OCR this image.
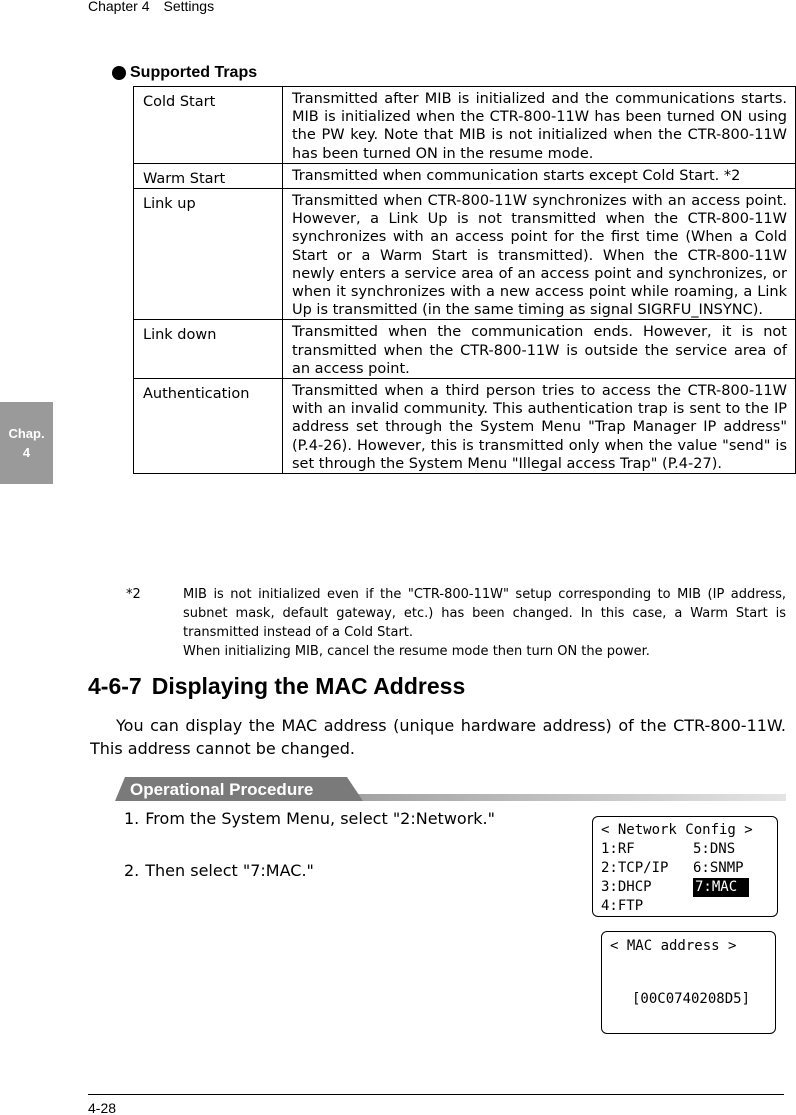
Chapter 4 Settings
Chap.
4
Supported Traps
Cold Start	Transmitted after MIB is initialized and the communications starts. MIB is initialized when the CTR-800-11W has been turned ON using the PW key. Note that MIB is not initialized when the CTR-800-11W has been turned ON in the resume mode.
Warm Start	Transmitted when communication starts except Cold Start. *2
Link up	Transmitted when CTR-800-11W synchronizes with an access point. However, a Link Up is not transmitted when the CTR-800-11W synchronizes with an access point for the first time (When a Cold Start or a Warm Start is transmitted). When the CTR-800-11W newly enters a service area of an access point and synchronizes, or when it synchronizes with a new access point while roaming, a Link Up is transmitted (in the same timing as signal SIGRFU_INSYNC).
Link down	Transmitted when the communication ends. However, it is not transmitted when the CTR-800-11W is outside the service area of an access point.
Authentication	Transmitted when a third person tries to access the CTR-800-11W with an invalid community. This authentication trap is sent to the IP address set through the System Menu "Trap Manager IP address" (P.4-26). However, this is transmitted only when the value "send" is set through the System Menu "Illegal access Trap" (P.4-27).
*2	MIB is not initialized even if the "CTR-800-11W" setup corresponding to MIB (IP address, subnet mask, default gateway, etc.) has been changed. In this case, a Warm Start is transmitted instead of a Cold Start.
When initializing MIB, cancel the resume mode then turn ON the power.
4-6-7 Displaying the MAC Address

You can display the MAC address (unique hardware address) of the CTR-800-11W. This address cannot be changed.

Operational Procedure
1. From the System Menu, select "2:Network."
2. Then select "7:MAC."
< Network Config >
1:RF	5:DNS
2:TCP/IP	6:SNMP
3:DHCP	7:MAC
4:FTP
< MAC address >
[00C0740208D5]
4-28
